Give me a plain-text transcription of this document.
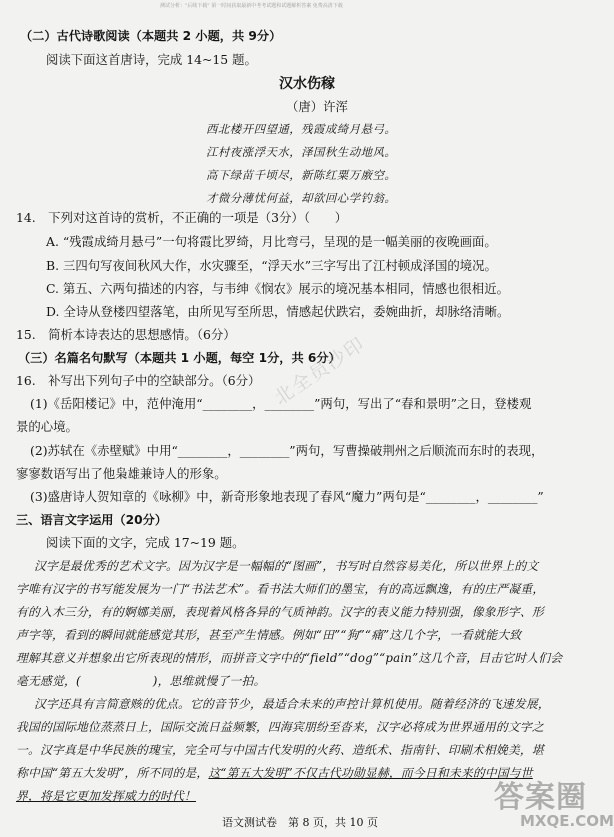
测试分析："后续下载" 第一时间获取最新中考考试题和试题解析答案 免费高清下载
（二）古代诗歌阅读（本题共 2 小题，共 9分）
阅读下面这首唐诗，完成 14~15 题。
汉水伤稼
（唐）许浑
西北楼开四望通，残霞成绮月悬弓。
江村夜涨浮天水，泽国秋生动地风。
高下绿苗千顷尽，新陈红粟万廒空。
才微分薄忧何益，却欲回心学钓翁。
14.　下列对这首诗的赏析，不正确的一项是（3分）（　　）
A. “残霞成绮月悬弓”一句将霞比罗绮，月比弯弓，呈现的是一幅美丽的夜晚画面。
B. 三四句写夜间秋风大作，水灾骤至，“浮天水”三字写出了江村顿成泽国的境况。
C. 第五、六两句描述的内容，与韦绅《悯农》展示的境况基本相同，情感也很相近。
D. 全诗从登楼四望落笔，由所见写至所思，情感起伏跌宕，委婉曲折，却脉络清晰。
15.　简析本诗表达的思想感情。（6分）
（三）名篇名句默写（本题共 1 小题，每空 1分，共 6分）
16.　补写出下列句子中的空缺部分。（6分）
(1)《岳阳楼记》中，范仲淹用“________，________”两句，写出了“春和景明”之日，登楼观
景的心境。
(2)苏轼在《赤壁赋》中用“________，________”两句，写曹操破荆州之后顺流而东时的表现，
寥寥数语写出了他枭雄兼诗人的形象。
(3)盛唐诗人贺知章的《咏柳》中，新奇形象地表现了春风“魔力”两句是“________，________”
三、语言文字运用（20分）
阅读下面的文字，完成 17~19 题。
汉字是最优秀的艺术文字。因为汉字是一幅幅的“图画”，书写时自然容易美化，所以世界上的文
字唯有汉字的书写能发展为一门“书法艺术”。看书法大师们的墨宝，有的高远飘逸，有的庄严凝重，
有的入木三分，有的婀娜美丽，表现着风格各异的气质神韵。汉字的表义能力特别强，像象形字、形
声字等，看到的瞬间就能感觉其形，甚至产生情感。例如“田”“狗”“痛”这几个字，一看就能大致
理解其意义并想象出它所表现的情形，而拼音文字中的“field”“dog”“pain”这几个音，目击它时人们会
毫无感觉，(　　　　　　)，思维就慢了一拍。
汉字还具有言简意赅的优点。它的音节少，最适合未来的声控计算机使用。随着经济的飞速发展，
我国的国际地位蒸蒸日上，国际交流日益频繁，四海宾朋纷至沓来，汉字必将成为世界通用的文字之
一。汉字真是中华民族的瑰宝，完全可与中国古代发明的火药、造纸术、指南针、印刷术相娩美，堪
称中国“第五大发明”，所不同的是，这“第五大发明”不仅古代功勋显赫，而今日和未来的中国与世
界，将是它更加发挥威力的时代！
语文测试卷　第 8 页，共 10 页
北全员沙印
答案圈
MXQE.COM
